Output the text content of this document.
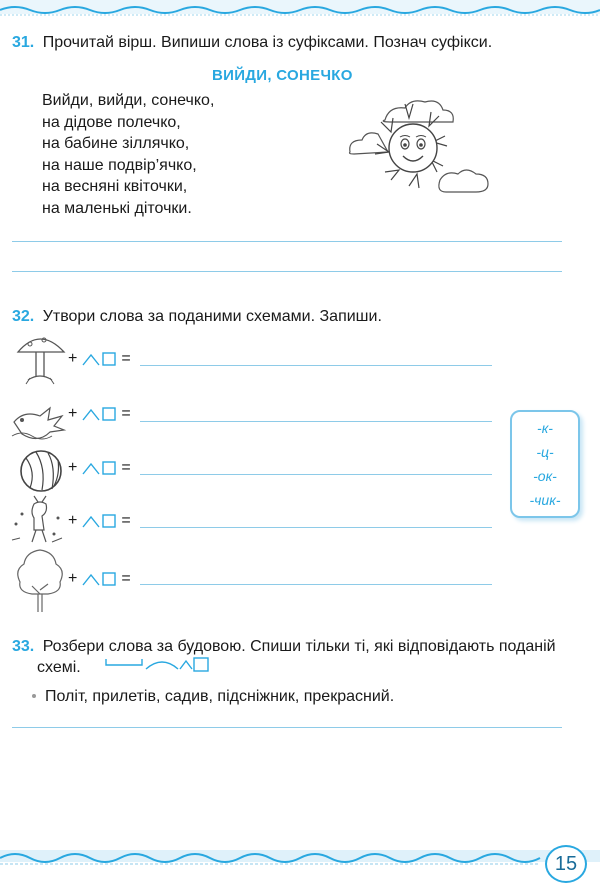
31. Прочитай вірш. Випиши слова із суфіксами. Познач суфікси.
ВИЙДИ, СОНЕЧКО
Вийди, вийди, сонечко,
на дідове полечко,
на бабине зіллячко,
на наше подвір’ячко,
на весняні квіточки,
на маленькі діточки.
32. Утвори слова за поданими схемами. Запиши.
+	=
+	=
+	=
+	=
+	=
-к-
-ц-
-ок-
-чик-
33. Розбери слова за будовою. Спиши тільки ті, які відповідають поданій
схемі.
Політ, прилетів, садив, підсніжник, прекрасний.
15
